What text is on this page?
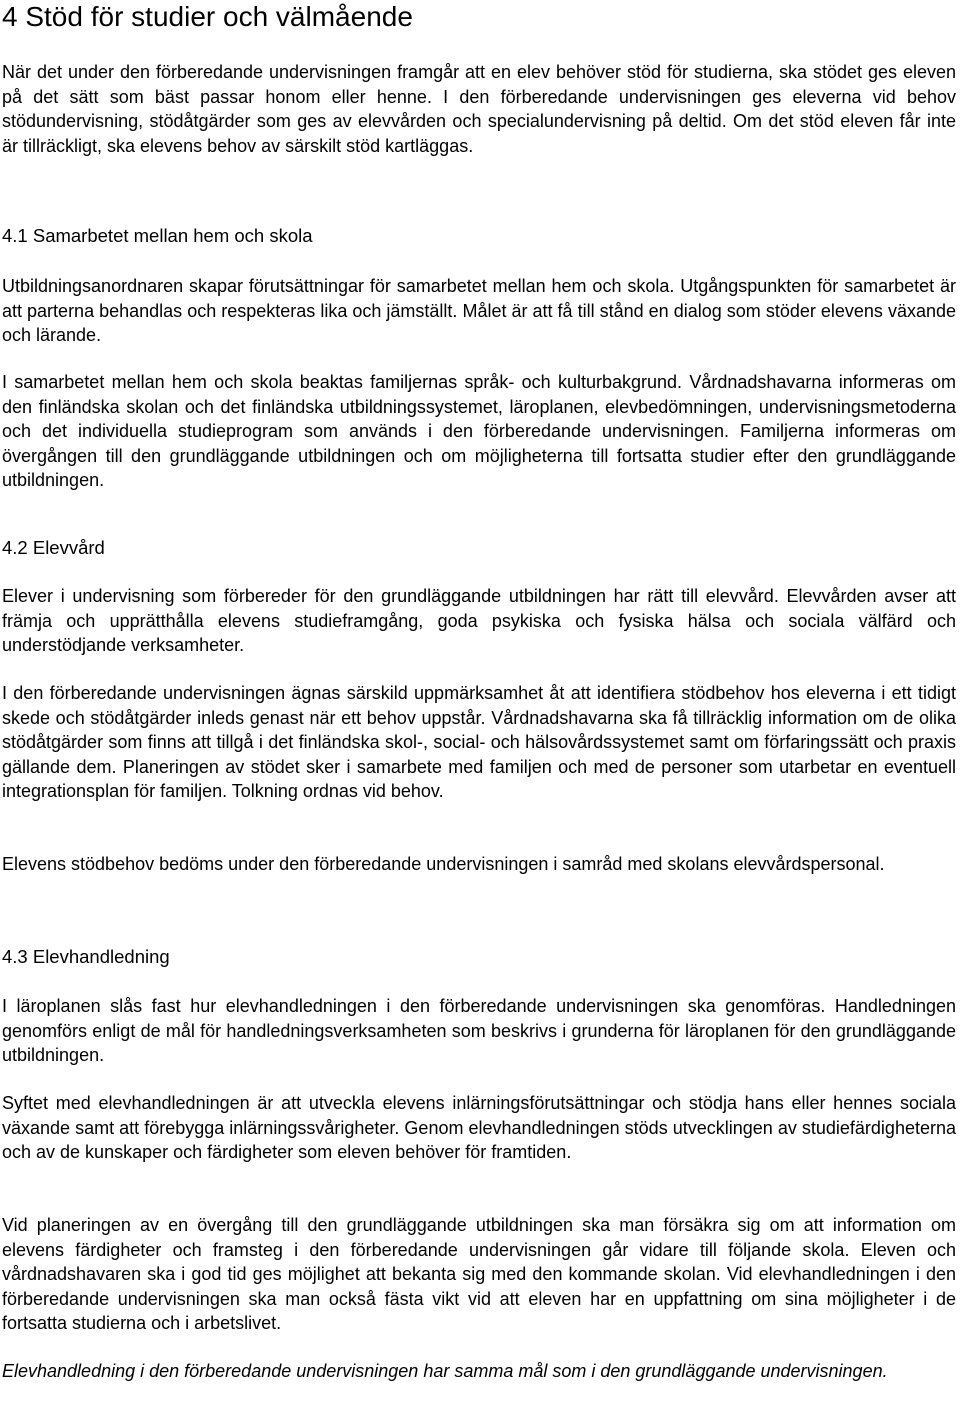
4 Stöd för studier och välmående

När det under den förberedande undervisningen framgår att en elev behöver stöd för studierna, ska stödet ges eleven på det sätt som bäst passar honom eller henne. I den förberedande undervisningen ges eleverna vid behov stödundervisning, stödåtgärder som ges av elevvården och specialundervisning på deltid. Om det stöd eleven får inte är tillräckligt, ska elevens behov av särskilt stöd kartläggas.

4.1 Samarbetet mellan hem och skola

Utbildningsanordnaren skapar förutsättningar för samarbetet mellan hem och skola. Utgångspunkten för samarbetet är att parterna behandlas och respekteras lika och jämställt. Målet är att få till stånd en dialog som stöder elevens växande och lärande.

I samarbetet mellan hem och skola beaktas familjernas språk- och kulturbakgrund. Vårdnadshavarna informeras om den finländska skolan och det finländska utbildningssystemet, läroplanen, elevbedömningen, undervisningsmetoderna och det individuella studieprogram som används i den förberedande undervisningen. Familjerna informeras om övergången till den grundläggande utbildningen och om möjligheterna till fortsatta studier efter den grundläggande utbildningen.

4.2 Elevvård

Elever i undervisning som förbereder för den grundläggande utbildningen har rätt till elevvård. Elevvården avser att främja och upprätthålla elevens studieframgång, goda psykiska och fysiska hälsa och sociala välfärd och understödjande verksamheter.

I den förberedande undervisningen ägnas särskild uppmärksamhet åt att identifiera stödbehov hos eleverna i ett tidigt skede och stödåtgärder inleds genast när ett behov uppstår. Vårdnadshavarna ska få tillräcklig information om de olika stödåtgärder som finns att tillgå i det finländska skol-, social- och hälsovårdssystemet samt om förfaringssätt och praxis gällande dem. Planeringen av stödet sker i samarbete med familjen och med de personer som utarbetar en eventuell integrationsplan för familjen. Tolkning ordnas vid behov.

Elevens stödbehov bedöms under den förberedande undervisningen i samråd med skolans elevvårdspersonal.

4.3 Elevhandledning

I läroplanen slås fast hur elevhandledningen i den förberedande undervisningen ska genomföras. Handledningen genomförs enligt de mål för handledningsverksamheten som beskrivs i grunderna för läroplanen för den grundläggande utbildningen.

Syftet med elevhandledningen är att utveckla elevens inlärningsförutsättningar och stödja hans eller hennes sociala växande samt att förebygga inlärningssvårigheter. Genom elevhandledningen stöds utvecklingen av studiefärdigheterna och av de kunskaper och färdigheter som eleven behöver för framtiden.

Vid planeringen av en övergång till den grundläggande utbildningen ska man försäkra sig om att information om elevens färdigheter och framsteg i den förberedande undervisningen går vidare till följande skola. Eleven och vårdnadshavaren ska i god tid ges möjlighet att bekanta sig med den kommande skolan. Vid elevhandledningen i den förberedande undervisningen ska man också fästa vikt vid att eleven har en uppfattning om sina möjligheter i de fortsatta studierna och i arbetslivet.

Elevhandledning i den förberedande undervisningen har samma mål som i den grundläggande undervisningen.
